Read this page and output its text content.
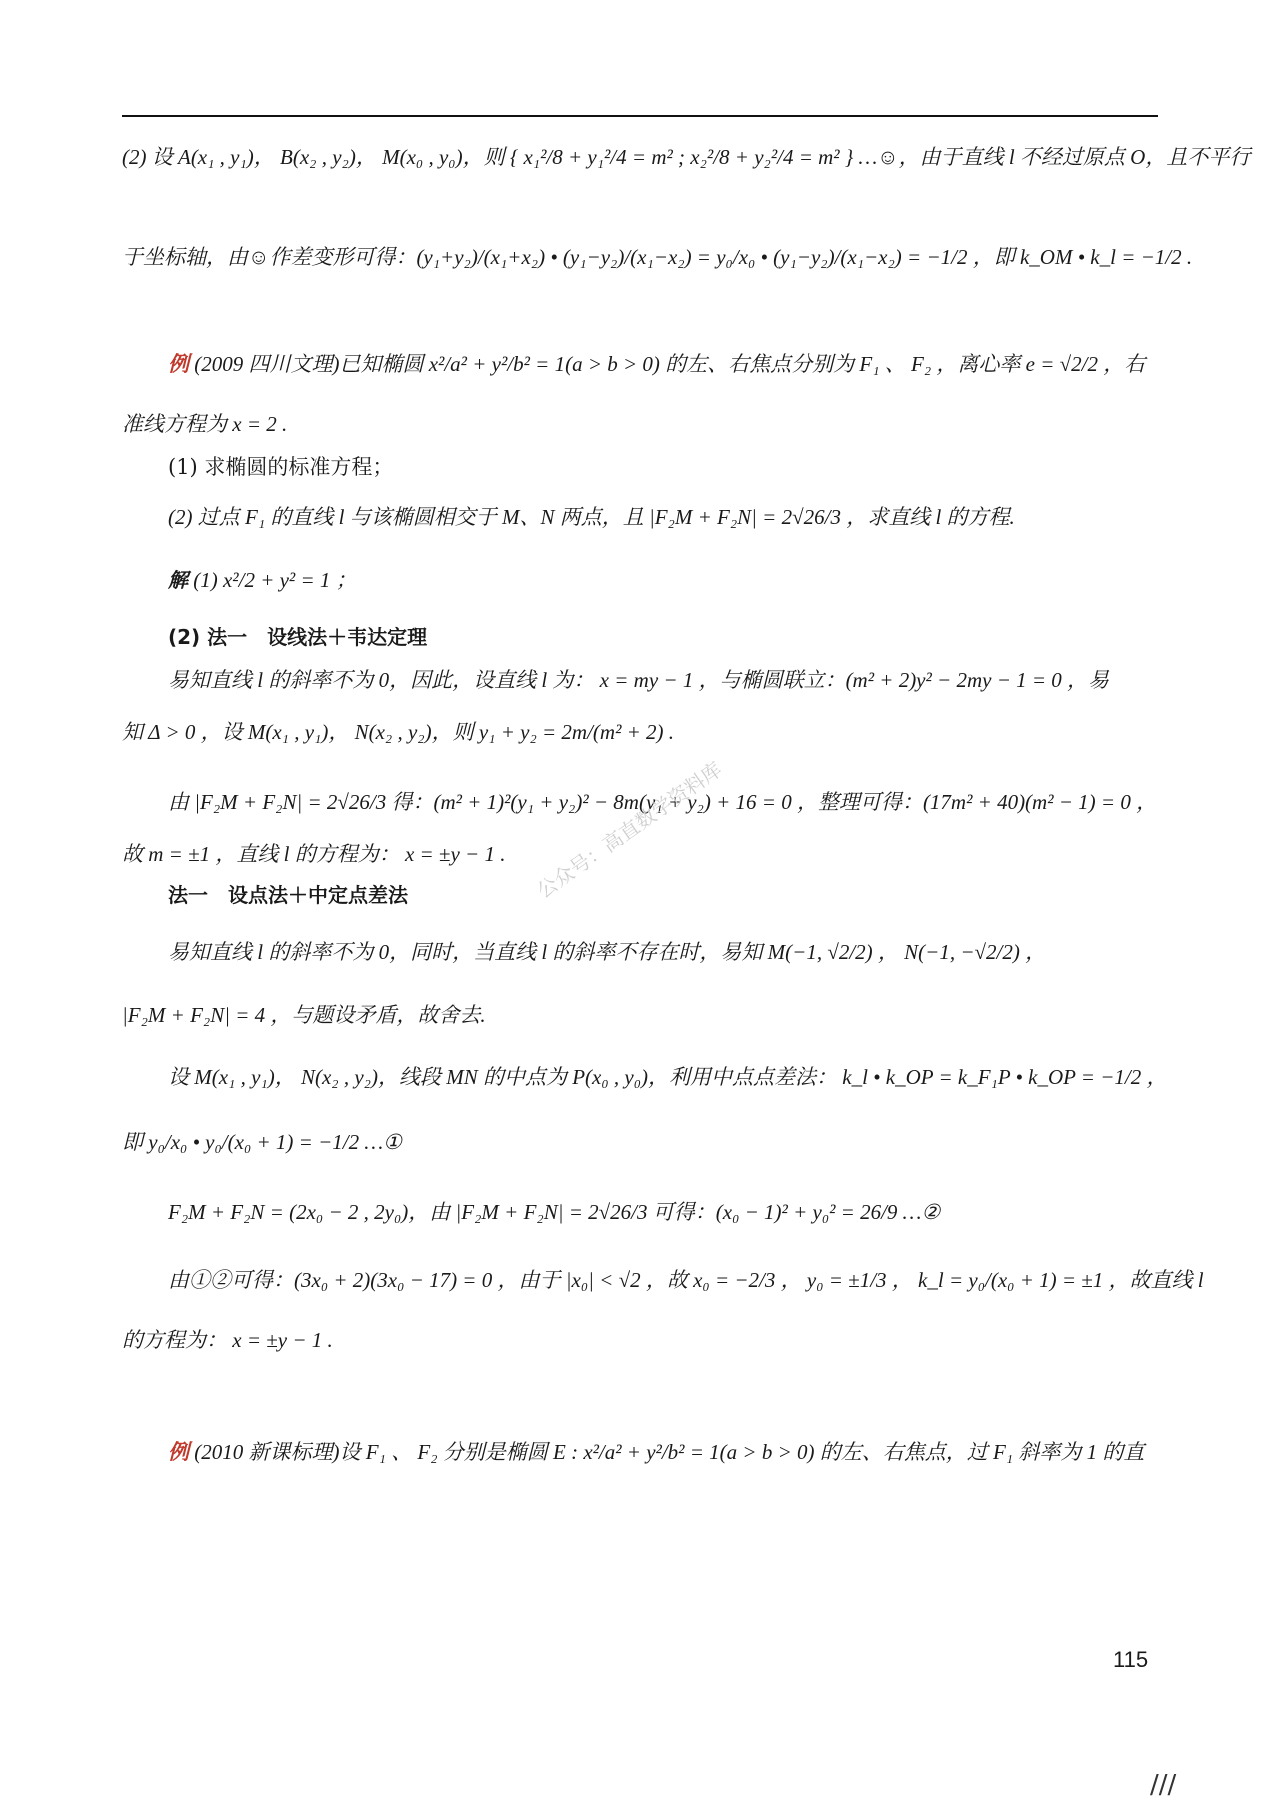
(2) 设 A(x₁ , y₁)， B(x₂ , y₂)， M(x₀ , y₀)，则 { x₁²/8 + y₁²/4 = m² ; x₂²/8 + y₂²/4 = m² } …☺，由于直线 l 不经过原点 O，且不平行
于坐标轴，由☺作差变形可得：(y₁+y₂)/(x₁+x₂) • (y₁−y₂)/(x₁−x₂) = y₀/x₀ • (y₁−y₂)/(x₁−x₂) = −1/2 ，即 k_OM • k_l = −1/2 .
例 (2009 四川文理)已知椭圆 x²/a² + y²/b² = 1(a > b > 0) 的左、右焦点分别为 F₁ 、 F₂ ，离心率 e = √2/2 ，右
准线方程为 x = 2 .
(1) 求椭圆的标准方程；
(2) 过点 F₁ 的直线 l 与该椭圆相交于 M、N 两点，且 |F₂M + F₂N| = 2√26/3 ，求直线 l 的方程.
解 (1) x²/2 + y² = 1 ；
(2) 法一　设线法＋韦达定理
易知直线 l 的斜率不为 0，因此，设直线 l 为： x = my − 1 ，与椭圆联立：(m² + 2)y² − 2my − 1 = 0 ，易
知 Δ > 0 ，设 M(x₁ , y₁)， N(x₂ , y₂)，则 y₁ + y₂ = 2m/(m² + 2) .
由 |F₂M + F₂N| = 2√26/3 得：(m² + 1)²(y₁ + y₂)² − 8m(y₁ + y₂) + 16 = 0 ，整理可得：(17m² + 40)(m² − 1) = 0 ，
故 m = ±1 ，直线 l 的方程为： x = ±y − 1 .
法一　设点法＋中定点差法
易知直线 l 的斜率不为 0，同时，当直线 l 的斜率不存在时，易知 M(−1, √2/2) ， N(−1, −√2/2) ，
|F₂M + F₂N| = 4 ，与题设矛盾，故舍去.
设 M(x₁ , y₁)， N(x₂ , y₂)，线段 MN 的中点为 P(x₀ , y₀)，利用中点点差法： k_l • k_OP = k_F₁P • k_OP = −1/2 ，
即 y₀/x₀ • y₀/(x₀ + 1) = −1/2 …①
F₂M + F₂N = (2x₀ − 2 , 2y₀)，由 |F₂M + F₂N| = 2√26/3 可得：(x₀ − 1)² + y₀² = 26/9 …②
由①②可得：(3x₀ + 2)(3x₀ − 17) = 0 ，由于 |x₀| < √2 ，故 x₀ = −2/3 ， y₀ = ±1/3 ， k_l = y₀/(x₀ + 1) = ±1 ，故直线 l
的方程为： x = ±y − 1 .
例 (2010 新课标理)设 F₁ 、 F₂ 分别是椭圆 E : x²/a² + y²/b² = 1(a > b > 0) 的左、右焦点，过 F₁ 斜率为 1 的直
115
公众号：高直数学资料库
///
